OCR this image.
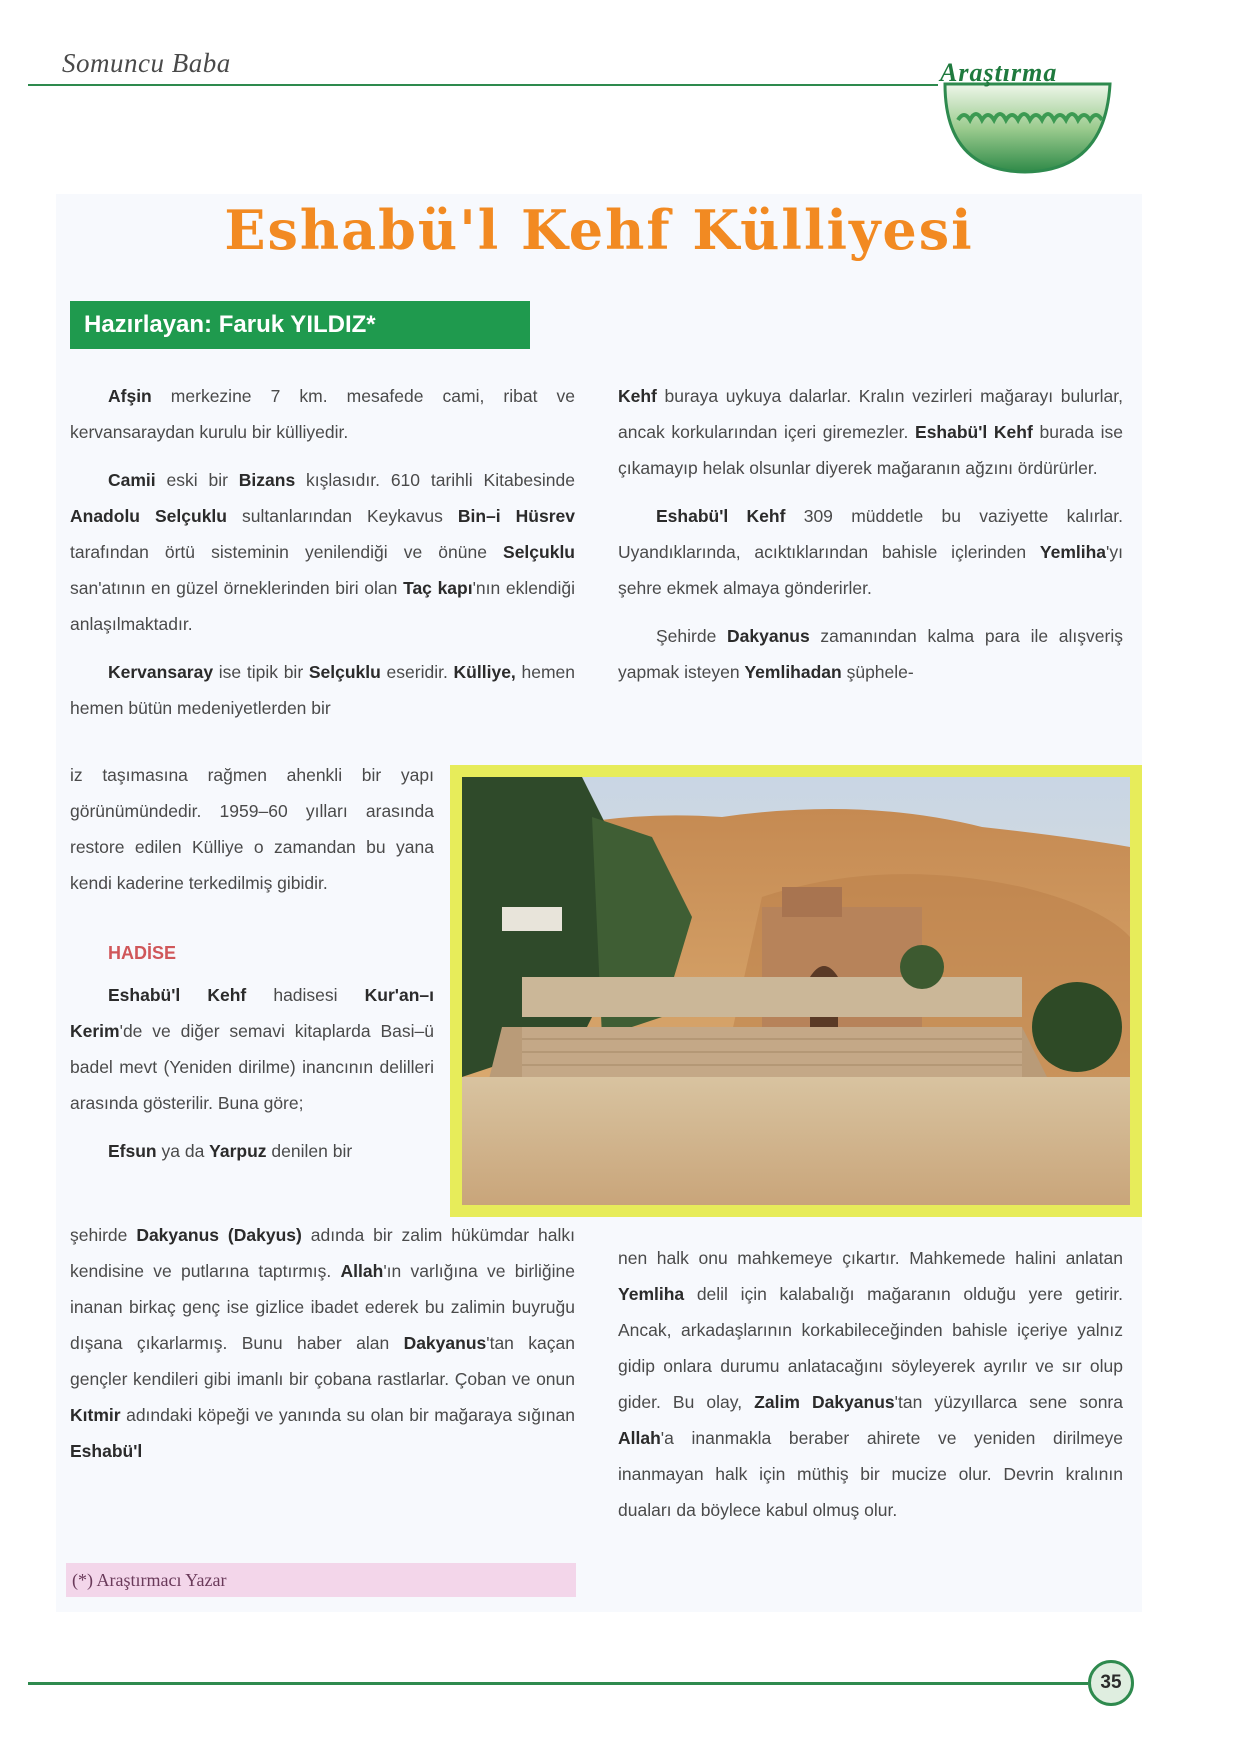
Somuncu Baba	Araştırma
Eshabü'l Kehf Külliyesi
Hazırlayan: Faruk YILDIZ*

Afşin merkezine 7 km. mesafede cami, ribat ve kervansaraydan kurulu bir külliyedir.

Camii eski bir Bizans kışlasıdır. 610 tarihli Kitabesinde Anadolu Selçuklu sultanlarından Keykavus Bin–i Hüsrev tarafından örtü sisteminin yenilendiği ve önüne Selçuklu san'atının en güzel örneklerinden biri olan Taç kapı'nın eklendiği anlaşılmaktadır.

Kervansaray ise tipik bir Selçuklu eseridir. Külliye, hemen hemen bütün medeniyetlerden bir

iz taşımasına rağmen ahenkli bir yapı görünümündedir. 1959–60 yılları arasında restore edilen Külliye o zamandan bu yana kendi kaderine terkedilmiş gibidir.

HADİSE

Eshabü'l Kehf hadisesi Kur'an–ı Kerim'de ve diğer semavi kitaplarda Basi–ü badel mevt (Yeniden dirilme) inancının delilleri arasında gösterilir. Buna göre;

Efsun ya da Yarpuz denilen bir

şehirde Dakyanus (Dakyus) adında bir zalim hükümdar halkı kendisine ve putlarına taptırmış. Allah'ın varlığına ve birliğine inanan birkaç genç ise gizlice ibadet ederek bu zalimin buyruğu dışana çıkarlarmış. Bunu haber alan Dakyanus'tan kaçan gençler kendileri gibi imanlı bir çobana rastlarlar. Çoban ve onun Kıtmir adındaki köpeği ve yanında su olan bir mağaraya sığınan Eshabü'l

Kehf buraya uykuya dalarlar. Kralın vezirleri mağarayı bulurlar, ancak korkularından içeri giremezler. Eshabü'l Kehf burada ise çıkamayıp helak olsunlar diyerek mağaranın ağzını ördürürler.

Eshabü'l Kehf 309 müddetle bu vaziyette kalırlar. Uyandıklarında, acıktıklarından bahisle içlerinden Yemliha'yı şehre ekmek almaya gönderirler.

Şehirde Dakyanus zamanından kalma para ile alışveriş yapmak isteyen Yemlihadan şüphele-

nen halk onu mahkemeye çıkartır. Mahkemede halini anlatan Yemliha delil için kalabalığı mağaranın olduğu yere getirir. Ancak, arkadaşlarının korkabileceğinden bahisle içeriye yalnız gidip onlara durumu anlatacağını söyleyerek ayrılır ve sır olup gider. Bu olay, Zalim Dakyanus'tan yüzyıllarca sene sonra Allah'a inanmakla beraber ahirete ve yeniden dirilmeye inanmayan halk için müthiş bir mucize olur. Devrin kralının duaları da böylece kabul olmuş olur.

(*) Araştırmacı Yazar
35
